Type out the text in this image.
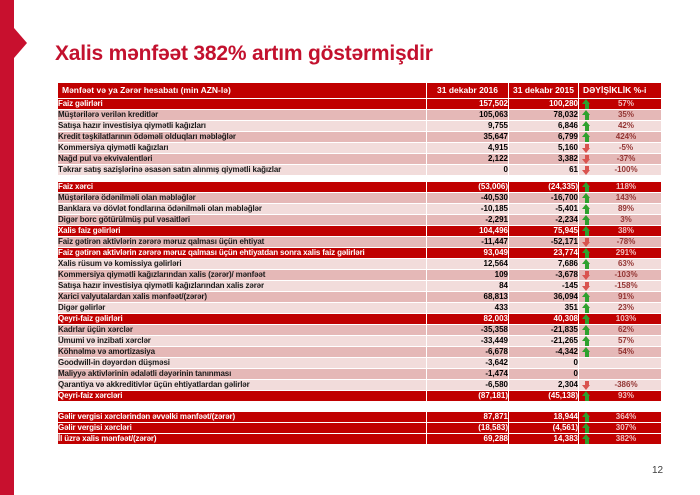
Xalis mənfəət 382% artım göstərmişdir
Mənfəət və ya Zərər hesabatı (min AZN-lə)	31 dekabr 2016	31 dekabr 2015	DƏYİŞİKLİK %-i
Faiz gəlirləri	157,502	100,280	57%

Müştərilərə verilən kreditlər	105,063	78,032	35%

Satışa hazır investisiya qiymətli kağızları	9,755	6,846	42%

Kredit təşkilatlarının ödəməli olduqları məbləğlər	35,647	6,799	424%

Kommersiya qiymətli kağızları	4,915	5,160	-5%

Nağd pul və ekvivalentləri	2,122	3,382	-37%

Təkrar satış sazişlərinə əsasən satın alınmış qiymətli kağızlar	0	61	-100%
Faiz xərci	(53,006)	(24,335)	118%

Müştərilərə ödənilməli olan məbləğlər	-40,530	-16,700	143%

Banklara və dövlət fondlarına ödənilməli olan məbləğlər	-10,185	-5,401	89%

Digər borc götürülmüş pul vəsaitləri	-2,291	-2,234	3%

Xalis faiz gəlirləri	104,496	75,945	38%

Faiz gətirən aktivlərin zərərə məruz qalması üçün ehtiyat	-11,447	-52,171	-78%

Faiz gətirən aktivlərin zərərə məruz qalması üçün ehtiyatdan sonra xalis faiz gəlirləri	93,049	23,774	291%

Xalis rüsum və komissiya gəlirləri	12,564	7,686	63%

Kommersiya qiymətli kağızlarından xalis (zərər)/ mənfəət	109	-3,678	-103%

Satışa hazır investisiya qiymətli kağızlarından xalis zərər	84	-145	-158%

Xarici valyutalardan xalis mənfəət/(zərər)	68,813	36,094	91%

Digər gəlirlər	433	351	23%

Qeyri-faiz gəlirləri	82,003	40,308	103%

Kadrlar üçün xərclər	-35,358	-21,835	62%

Ümumi və inzibati xərclər	-33,449	-21,265	57%

Köhnəlmə və amortizasiya	-6,678	-4,342	54%

Goodwill-in dəyərdən düşməsi	-3,642	0	

Maliyyə aktivlərinin ədalətli dəyərinin tanınması	-1,474	0	

Qarantiya və akkreditivlər üçün ehtiyatlardan gəlirlər	-6,580	2,304	-386%

Qeyri-faiz xərcləri	(87,181)	(45,138)	93%
Gəlir vergisi xərclərindən əvvəlki mənfəət/(zərər)	87,871	18,944	364%

Gəlir vergisi xərcləri	(18,583)	(4,561)	307%

İl üzrə xalis mənfəət/(zərər)	69,288	14,383	382%
12
